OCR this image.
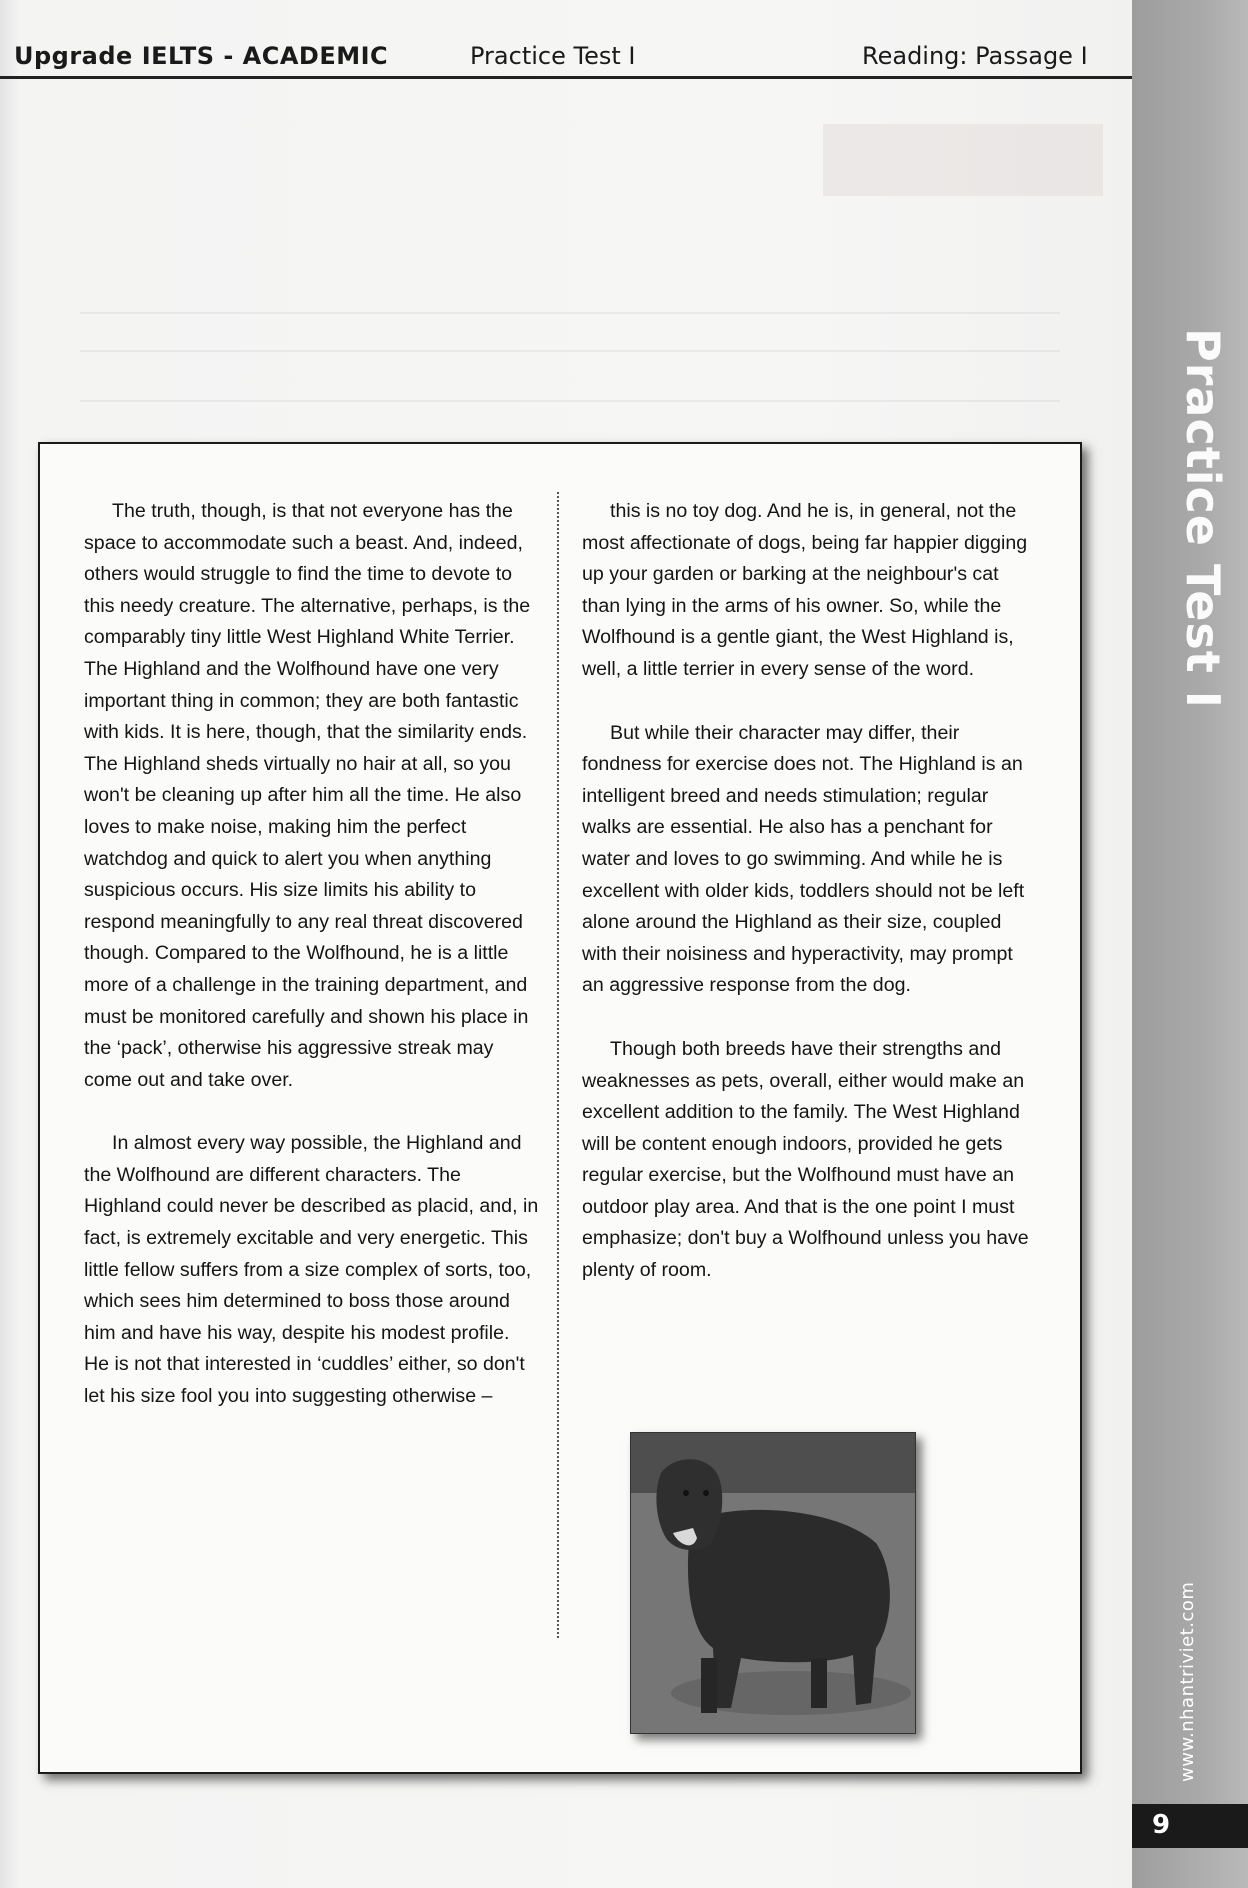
Upgrade IELTS - ACADEMIC	Practice Test I	Reading: Passage I

The truth, though, is that not everyone has the space to accommodate such a beast. And, indeed, others would struggle to find the time to devote to this needy creature. The alternative, perhaps, is the comparably tiny little West Highland White Terrier. The Highland and the Wolfhound have one very important thing in common; they are both fantastic with kids. It is here, though, that the similarity ends. The Highland sheds virtually no hair at all, so you won't be cleaning up after him all the time. He also loves to make noise, making him the perfect watchdog and quick to alert you when anything suspicious occurs. His size limits his ability to respond meaningfully to any real threat discovered though. Compared to the Wolfhound, he is a little more of a challenge in the training department, and must be monitored carefully and shown his place in the ‘pack’, otherwise his aggressive streak may come out and take over.

In almost every way possible, the Highland and the Wolfhound are different characters. The Highland could never be described as placid, and, in fact, is extremely excitable and very energetic. This little fellow suffers from a size complex of sorts, too, which sees him determined to boss those around him and have his way, despite his modest profile. He is not that interested in ‘cuddles’ either, so don't let his size fool you into suggesting otherwise –

this is no toy dog. And he is, in general, not the most affectionate of dogs, being far happier digging up your garden or barking at the neighbour's cat than lying in the arms of his owner. So, while the Wolfhound is a gentle giant, the West Highland is, well, a little terrier in every sense of the word.

But while their character may differ, their fondness for exercise does not. The Highland is an intelligent breed and needs stimulation; regular walks are essential. He also has a penchant for water and loves to go swimming. And while he is excellent with older kids, toddlers should not be left alone around the Highland as their size, coupled with their noisiness and hyperactivity, may prompt an aggressive response from the dog.

Though both breeds have their strengths and weaknesses as pets, overall, either would make an excellent addition to the family. The West Highland will be content enough indoors, provided he gets regular exercise, but the Wolfhound must have an outdoor play area. And that is the one point I must emphasize; don't buy a Wolfhound unless you have plenty of room.

Practice Test I
www.nhantriviet.com
9
